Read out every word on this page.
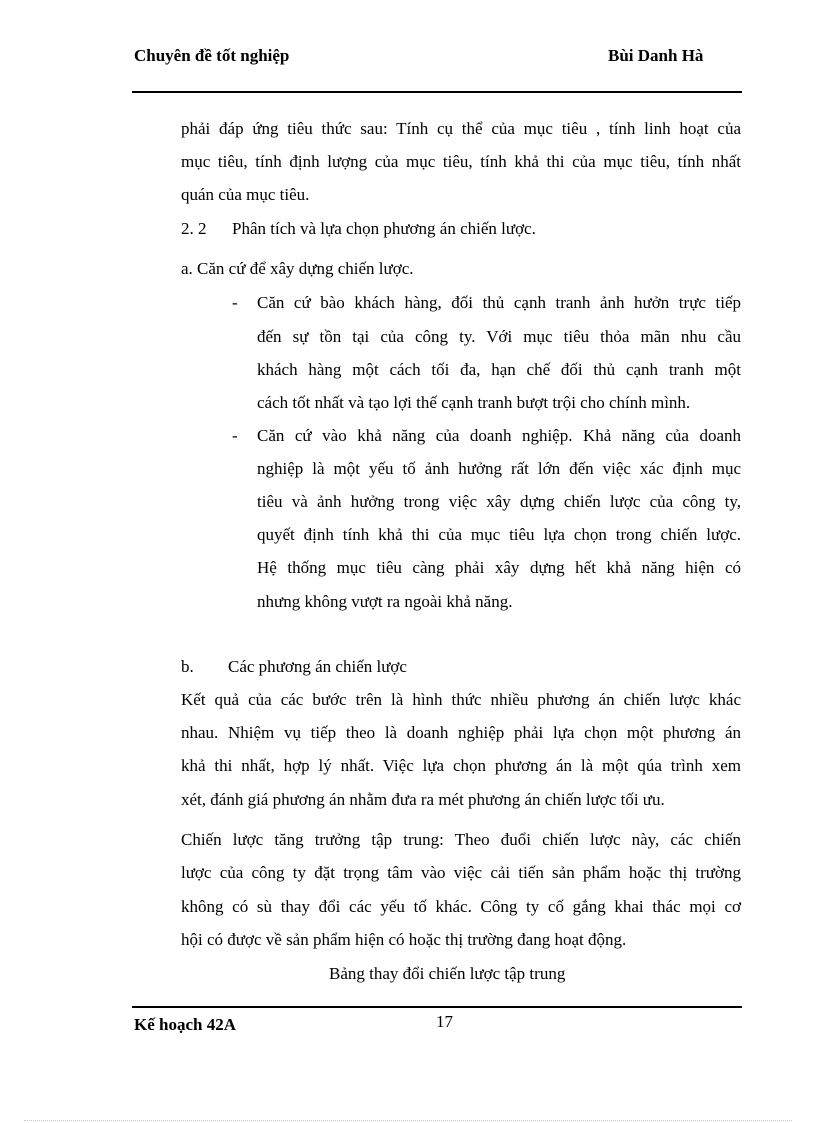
Chuyên đề tốt nghiệp	Bùi Danh Hà
phải đáp ứng tiêu thức sau: Tính cụ thể của mục tiêu , tính linh hoạt của
mục tiêu, tính định lượng của mục tiêu, tính khả thi của mục tiêu, tính nhất
quán của mục tiêu.
2. 2 Phân tích và lựa chọn phương án chiến lược.
a. Căn cứ để xây dựng chiến lược.
- Căn cứ bào khách hàng, đối thủ cạnh tranh ảnh hưởn trực tiếp
đến sự tồn tại của công ty. Với mục tiêu thỏa mãn nhu cầu
khách hàng một cách tối đa, hạn chế đối thủ cạnh tranh một
cách tốt nhất và tạo lợi thế cạnh tranh bượt trội cho chính mình.
- Căn cứ vào khả năng của doanh nghiệp. Khả năng của doanh
nghiệp là một yếu tố ảnh hưởng rất lớn đến việc xác định mục
tiêu và ảnh hưởng trong việc xây dựng chiến lược của công ty,
quyết định tính khả thi của mục tiêu lựa chọn trong chiến lược.
Hệ thống mục tiêu càng phải xây dựng hết khả năng hiện có
nhưng không vượt ra ngoài khả năng.
b. Các phương án chiến lược
Kết quả của các bước trên là hình thức nhiều phương án chiến lược khác
nhau. Nhiệm vụ tiếp theo là doanh nghiệp phải lựa chọn một phương án
khả thi nhất, hợp lý nhất. Việc lựa chọn phương án là một qúa trình xem
xét, đánh giá phương án nhằm đưa ra mét phương án chiến lược tối ưu.
Chiến lược tăng trưởng tập trung: Theo đuổi chiến lược này, các chiến
lược của công ty đặt trọng tâm vào việc cải tiến sản phẩm hoặc thị trường
không có sù thay đổi các yếu tố khác. Công ty cố gắng khai thác mọi cơ
hội có được về sản phẩm hiện có hoặc thị trường đang hoạt động.
Bảng thay đổi chiến lược tập trung
Kế hoạch 42A	17
